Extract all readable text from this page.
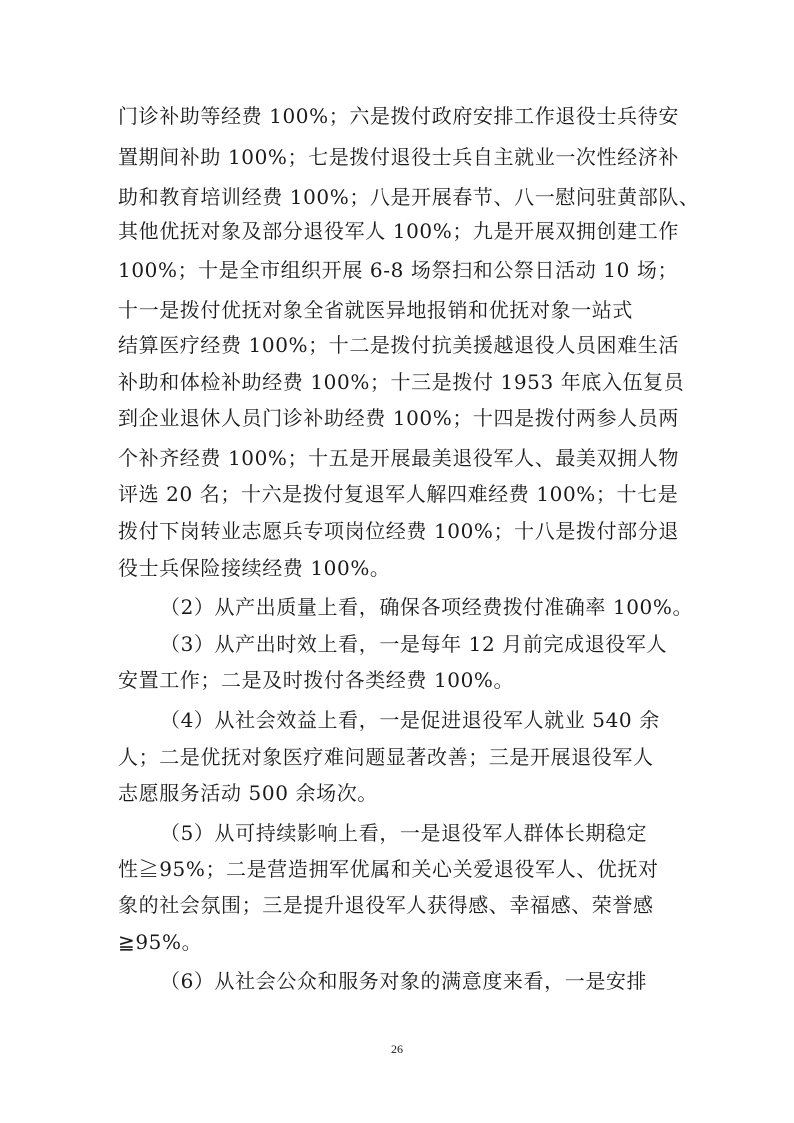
门诊补助等经费 100%；六是拨付政府安排工作退役士兵待安
置期间补助 100%；七是拨付退役士兵自主就业一次性经济补
助和教育培训经费 100%；八是开展春节、八一慰问驻黄部队、
其他优抚对象及部分退役军人 100%；九是开展双拥创建工作
100%；十是全市组织开展 6-8 场祭扫和公祭日活动 10 场；
十一是拨付优抚对象全省就医异地报销和优抚对象一站式
结算医疗经费 100%；十二是拨付抗美援越退役人员困难生活
补助和体检补助经费 100%；十三是拨付 1953 年底入伍复员
到企业退休人员门诊补助经费 100%；十四是拨付两参人员两
个补齐经费 100%；十五是开展最美退役军人、最美双拥人物
评选 20 名；十六是拨付复退军人解四难经费 100%；十七是
拨付下岗转业志愿兵专项岗位经费 100%；十八是拨付部分退
役士兵保险接续经费 100%。
（2）从产出质量上看，确保各项经费拨付准确率 100%。
（3）从产出时效上看，一是每年 12 月前完成退役军人
安置工作；二是及时拨付各类经费 100%。
（4）从社会效益上看，一是促进退役军人就业 540 余
人；二是优抚对象医疗难问题显著改善；三是开展退役军人
志愿服务活动 500 余场次。
（5）从可持续影响上看，一是退役军人群体长期稳定
性≧95%；二是营造拥军优属和关心关爱退役军人、优抚对
象的社会氛围；三是提升退役军人获得感、幸福感、荣誉感
≧95%。
（6）从社会公众和服务对象的满意度来看，一是安排
26
